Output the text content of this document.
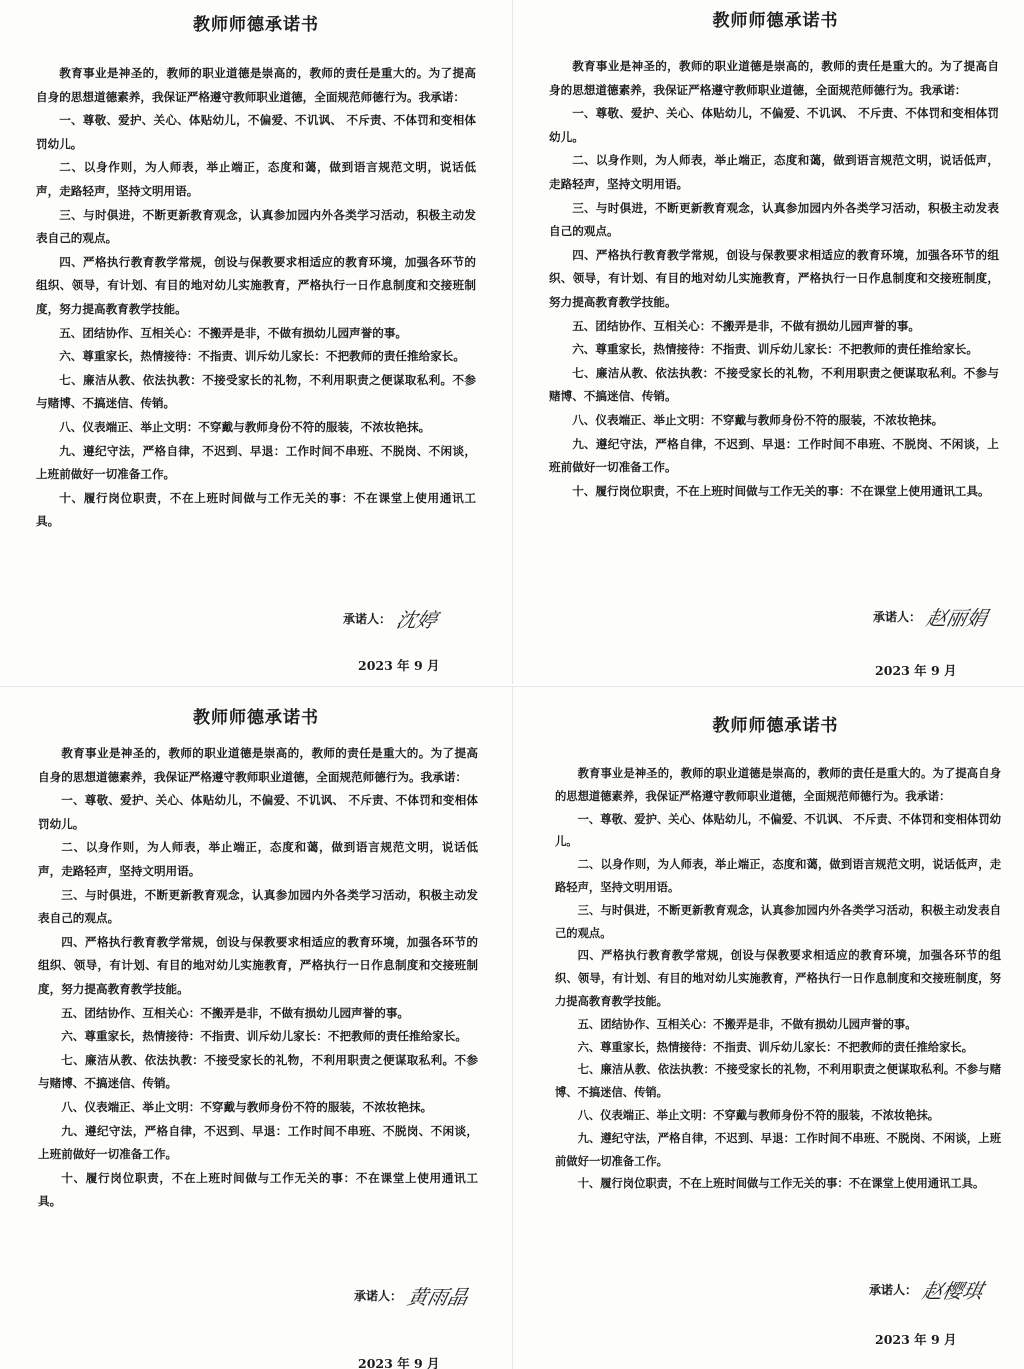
教师师德承诺书

教育事业是神圣的，教师的职业道德是崇高的，教师的责任是重大的。为了提高自身的思想道德素养，我保证严格遵守教师职业道德，全面规范师德行为。我承诺：

一、尊敬、爱护、关心、体贴幼儿，不偏爱、不讥讽、 不斥责、不体罚和变相体罚幼儿。

二、以身作则，为人师表，举止端正，态度和蔼，做到语言规范文明，说话低声，走路轻声，坚持文明用语。

三、与时俱进，不断更新教育观念，认真参加园内外各类学习活动，积极主动发表自己的观点。

四、严格执行教育教学常规，创设与保教要求相适应的教育环境，加强各环节的组织、领导，有计划、有目的地对幼儿实施教育，严格执行一日作息制度和交接班制度，努力提高教育教学技能。

五、团结协作、互相关心：不搬弄是非，不做有损幼儿园声誉的事。

六、尊重家长，热情接待：不指责、训斥幼儿家长：不把教师的责任推给家长。

七、廉洁从教、依法执教：不接受家长的礼物，不利用职责之便谋取私利。不参与赌博、不搞迷信、传销。

八、仪表端正、举止文明：不穿戴与教师身份不符的服装，不浓妆艳抹。

九、遵纪守法，严格自律，不迟到、早退：工作时间不串班、不脱岗、不闲谈，上班前做好一切准备工作。

十、履行岗位职责，不在上班时间做与工作无关的事：不在课堂上使用通讯工具。

承诺人： 沈婷
2023 年 9 月
教师师德承诺书

教育事业是神圣的，教师的职业道德是崇高的，教师的责任是重大的。为了提高自身的思想道德素养，我保证严格遵守教师职业道德，全面规范师德行为。我承诺：

一、尊敬、爱护、关心、体贴幼儿，不偏爱、不讥讽、 不斥责、不体罚和变相体罚幼儿。

二、以身作则，为人师表，举止端正，态度和蔼，做到语言规范文明，说话低声，走路轻声，坚持文明用语。

三、与时俱进，不断更新教育观念，认真参加园内外各类学习活动，积极主动发表自己的观点。

四、严格执行教育教学常规，创设与保教要求相适应的教育环境，加强各环节的组织、领导，有计划、有目的地对幼儿实施教育，严格执行一日作息制度和交接班制度，努力提高教育教学技能。

五、团结协作、互相关心：不搬弄是非，不做有损幼儿园声誉的事。

六、尊重家长，热情接待：不指责、训斥幼儿家长：不把教师的责任推给家长。

七、廉洁从教、依法执教：不接受家长的礼物，不利用职责之便谋取私利。不参与赌博、不搞迷信、传销。

八、仪表端正、举止文明：不穿戴与教师身份不符的服装，不浓妆艳抹。

九、遵纪守法，严格自律，不迟到、早退：工作时间不串班、不脱岗、不闲谈，上班前做好一切准备工作。

十、履行岗位职责，不在上班时间做与工作无关的事：不在课堂上使用通讯工具。

承诺人： 赵丽娟
2023 年 9 月
教师师德承诺书

教育事业是神圣的，教师的职业道德是崇高的，教师的责任是重大的。为了提高自身的思想道德素养，我保证严格遵守教师职业道德，全面规范师德行为。我承诺：

一、尊敬、爱护、关心、体贴幼儿，不偏爱、不讥讽、 不斥责、不体罚和变相体罚幼儿。

二、以身作则，为人师表，举止端正，态度和蔼，做到语言规范文明，说话低声，走路轻声，坚持文明用语。

三、与时俱进，不断更新教育观念，认真参加园内外各类学习活动，积极主动发表自己的观点。

四、严格执行教育教学常规，创设与保教要求相适应的教育环境，加强各环节的组织、领导，有计划、有目的地对幼儿实施教育，严格执行一日作息制度和交接班制度，努力提高教育教学技能。

五、团结协作、互相关心：不搬弄是非，不做有损幼儿园声誉的事。

六、尊重家长，热情接待：不指责、训斥幼儿家长：不把教师的责任推给家长。

七、廉洁从教、依法执教：不接受家长的礼物，不利用职责之便谋取私利。不参与赌博、不搞迷信、传销。

八、仪表端正、举止文明：不穿戴与教师身份不符的服装，不浓妆艳抹。

九、遵纪守法，严格自律，不迟到、早退：工作时间不串班、不脱岗、不闲谈，上班前做好一切准备工作。

十、履行岗位职责，不在上班时间做与工作无关的事：不在课堂上使用通讯工具。

承诺人： 黄雨晶
2023 年 9 月
教师师德承诺书

教育事业是神圣的，教师的职业道德是崇高的，教师的责任是重大的。为了提高自身的思想道德素养，我保证严格遵守教师职业道德，全面规范师德行为。我承诺：

一、尊敬、爱护、关心、体贴幼儿，不偏爱、不讥讽、 不斥责、不体罚和变相体罚幼儿。

二、以身作则，为人师表，举止端正，态度和蔼，做到语言规范文明，说话低声，走路轻声，坚持文明用语。

三、与时俱进，不断更新教育观念，认真参加园内外各类学习活动，积极主动发表自己的观点。

四、严格执行教育教学常规，创设与保教要求相适应的教育环境，加强各环节的组织、领导，有计划、有目的地对幼儿实施教育，严格执行一日作息制度和交接班制度，努力提高教育教学技能。

五、团结协作、互相关心：不搬弄是非，不做有损幼儿园声誉的事。

六、尊重家长，热情接待：不指责、训斥幼儿家长：不把教师的责任推给家长。

七、廉洁从教、依法执教：不接受家长的礼物，不利用职责之便谋取私利。不参与赌博、不搞迷信、传销。

八、仪表端正、举止文明：不穿戴与教师身份不符的服装，不浓妆艳抹。

九、遵纪守法，严格自律，不迟到、早退：工作时间不串班、不脱岗、不闲谈，上班前做好一切准备工作。

十、履行岗位职责，不在上班时间做与工作无关的事：不在课堂上使用通讯工具。

承诺人： 赵樱琪
2023 年 9 月
